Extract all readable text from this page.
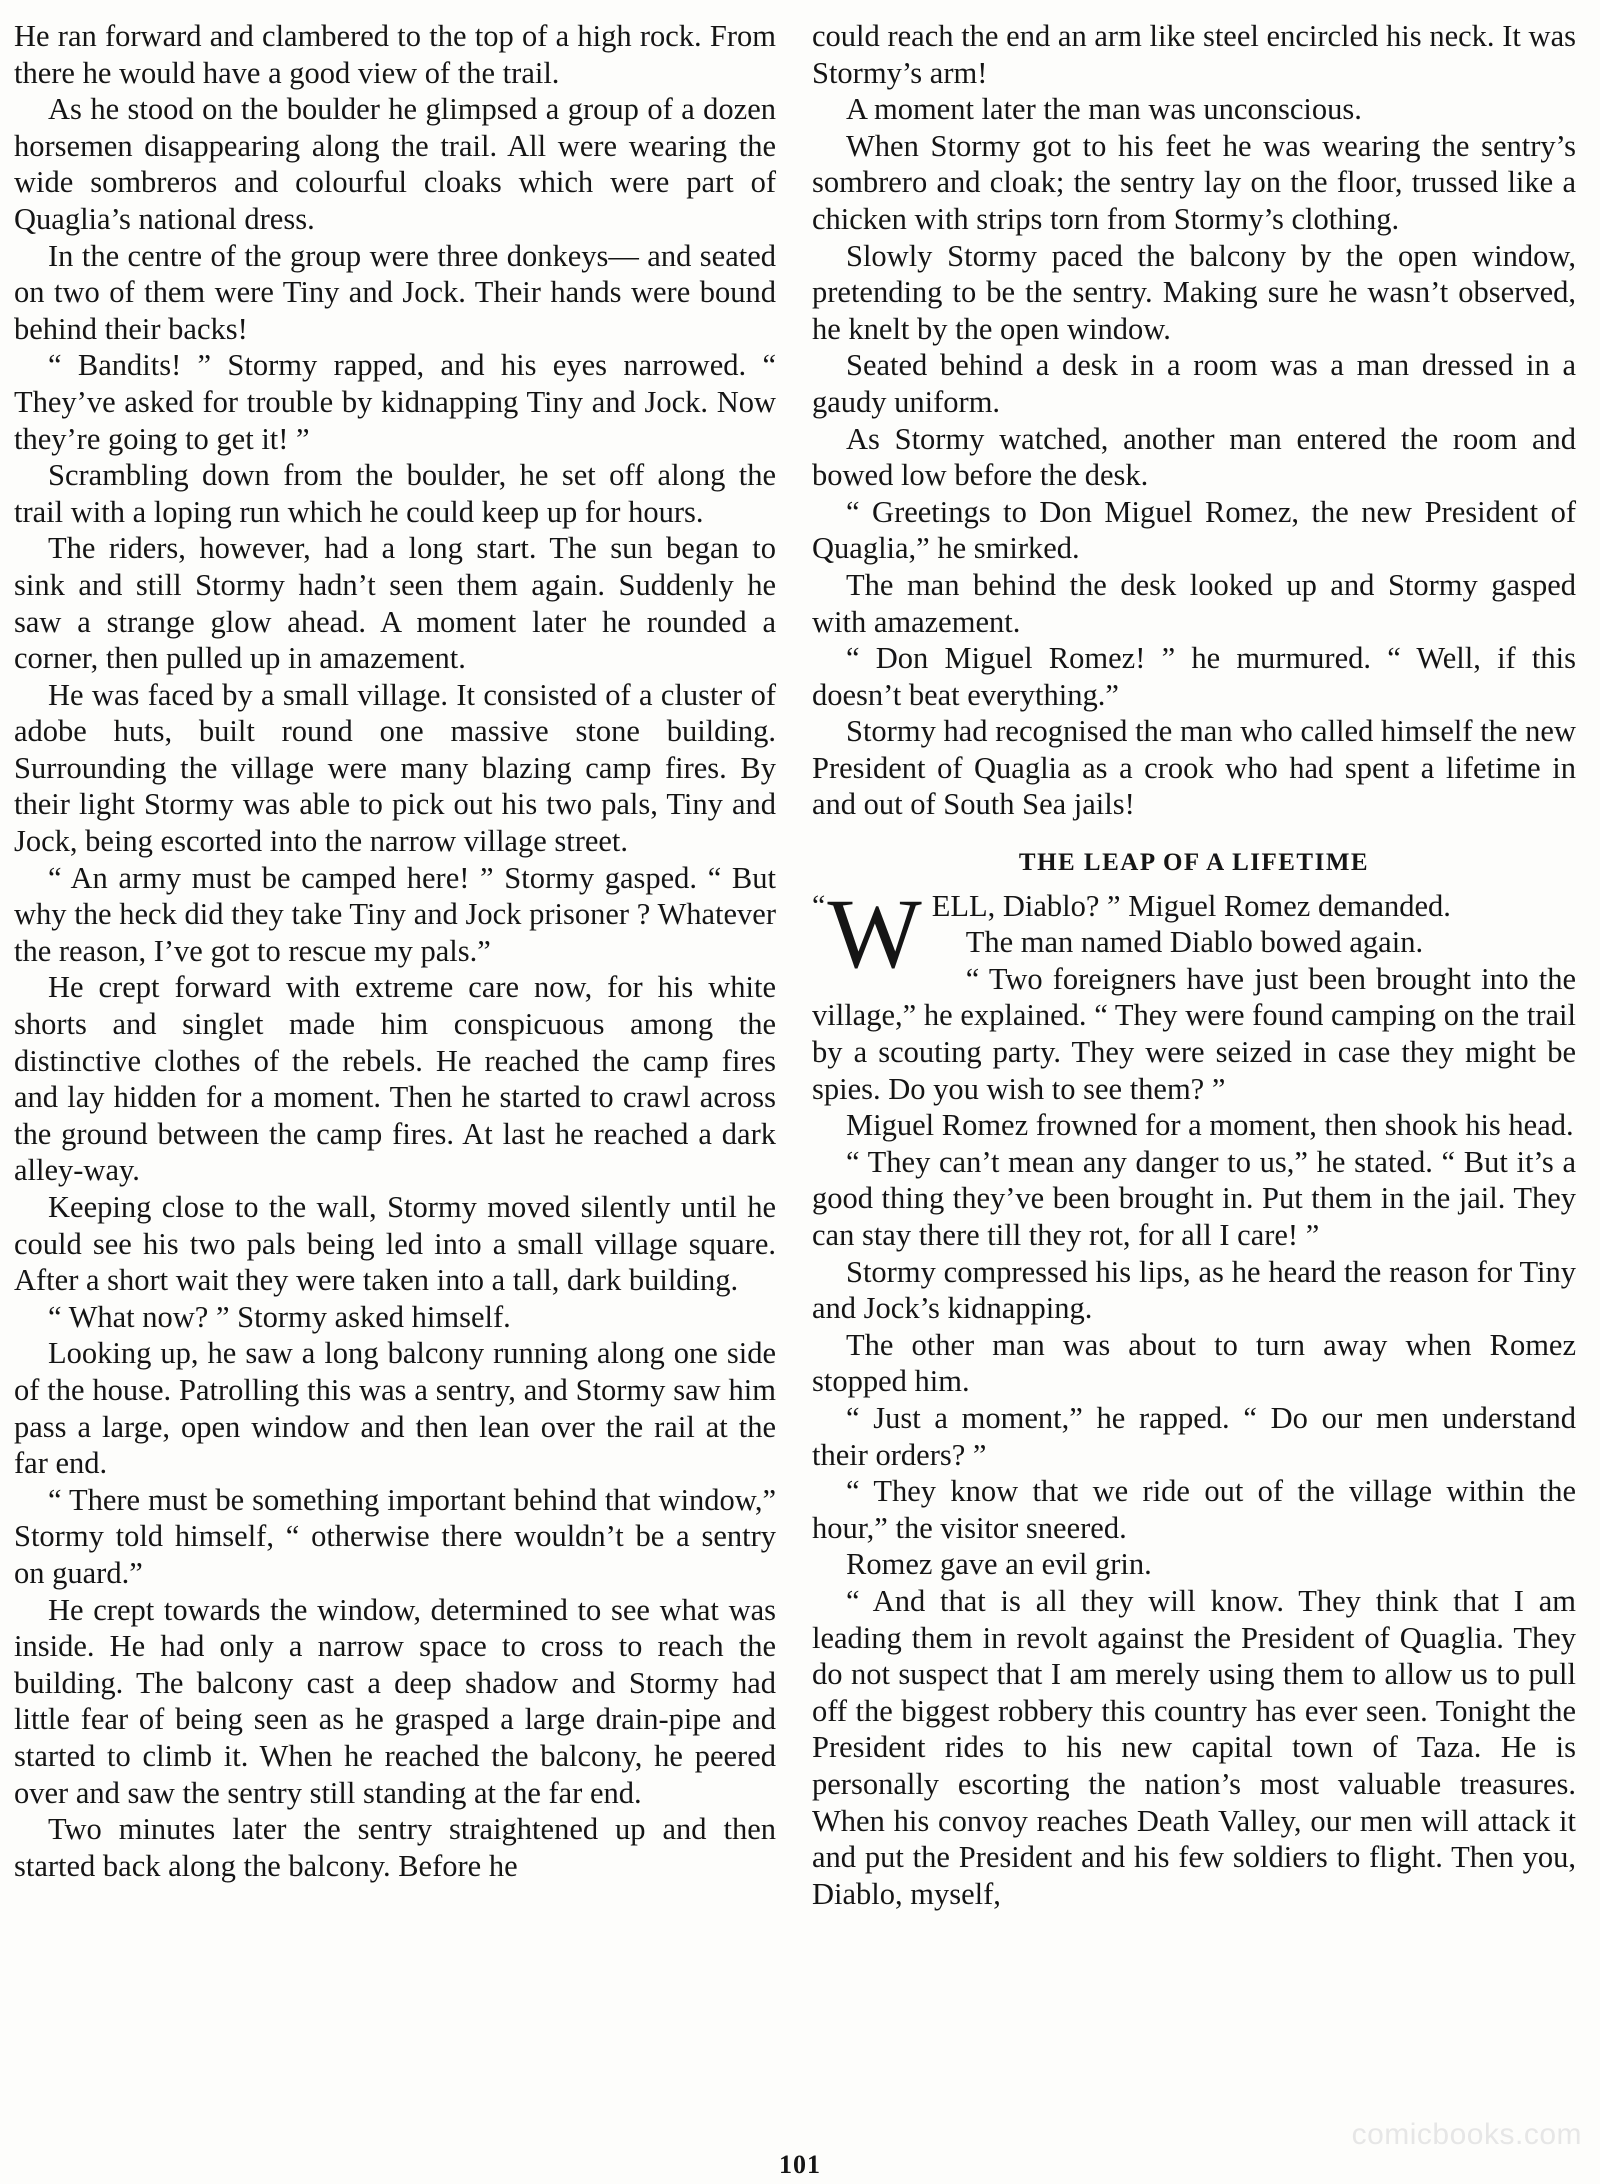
He ran forward and clambered to the top of a high rock. From there he would have a good view of the trail.

As he stood on the boulder he glimpsed a group of a dozen horsemen disappearing along the trail. All were wearing the wide sombreros and colourful cloaks which were part of Quaglia’s national dress.

In the centre of the group were three donkeys— and seated on two of them were Tiny and Jock. Their hands were bound behind their backs!

“ Bandits! ” Stormy rapped, and his eyes narrowed. “ They’ve asked for trouble by kidnapping Tiny and Jock. Now they’re going to get it! ”

Scrambling down from the boulder, he set off along the trail with a loping run which he could keep up for hours.

The riders, however, had a long start. The sun began to sink and still Stormy hadn’t seen them again. Suddenly he saw a strange glow ahead. A moment later he rounded a corner, then pulled up in amazement.

He was faced by a small village. It consisted of a cluster of adobe huts, built round one massive stone building. Surrounding the village were many blazing camp fires. By their light Stormy was able to pick out his two pals, Tiny and Jock, being escorted into the narrow village street.

“ An army must be camped here! ” Stormy gasped. “ But why the heck did they take Tiny and Jock prisoner ? Whatever the reason, I’ve got to rescue my pals.”

He crept forward with extreme care now, for his white shorts and singlet made him conspicuous among the distinctive clothes of the rebels. He reached the camp fires and lay hidden for a moment. Then he started to crawl across the ground between the camp fires. At last he reached a dark alley-way.

Keeping close to the wall, Stormy moved silently until he could see his two pals being led into a small village square. After a short wait they were taken into a tall, dark building.

“ What now? ” Stormy asked himself.

Looking up, he saw a long balcony running along one side of the house. Patrolling this was a sentry, and Stormy saw him pass a large, open window and then lean over the rail at the far end.

“ There must be something important behind that window,” Stormy told himself, “ otherwise there wouldn’t be a sentry on guard.”

He crept towards the window, determined to see what was inside. He had only a narrow space to cross to reach the building. The balcony cast a deep shadow and Stormy had little fear of being seen as he grasped a large drain-pipe and started to climb it. When he reached the balcony, he peered over and saw the sentry still standing at the far end.

Two minutes later the sentry straightened up and then started back along the balcony. Before he

could reach the end an arm like steel encircled his neck. It was Stormy’s arm!

A moment later the man was unconscious.

When Stormy got to his feet he was wearing the sentry’s sombrero and cloak; the sentry lay on the floor, trussed like a chicken with strips torn from Stormy’s clothing.

Slowly Stormy paced the balcony by the open window, pretending to be the sentry. Making sure he wasn’t observed, he knelt by the open window.

Seated behind a desk in a room was a man dressed in a gaudy uniform.

As Stormy watched, another man entered the room and bowed low before the desk.

“ Greetings to Don Miguel Romez, the new President of Quaglia,” he smirked.

The man behind the desk looked up and Stormy gasped with amazement.

“ Don Miguel Romez! ” he murmured. “ Well, if this doesn’t beat everything.”

Stormy had recognised the man who called himself the new President of Quaglia as a crook who had spent a lifetime in and out of South Sea jails!

THE LEAP OF A LIFETIME

“ W ELL, Diablo? ” Miguel Romez demanded.

The man named Diablo bowed again.

“ Two foreigners have just been brought into the village,” he explained. “ They were found camping on the trail by a scouting party. They were seized in case they might be spies. Do you wish to see them? ”

Miguel Romez frowned for a moment, then shook his head.

“ They can’t mean any danger to us,” he stated. “ But it’s a good thing they’ve been brought in. Put them in the jail. They can stay there till they rot, for all I care! ”

Stormy compressed his lips, as he heard the reason for Tiny and Jock’s kidnapping.

The other man was about to turn away when Romez stopped him.

“ Just a moment,” he rapped. “ Do our men understand their orders? ”

“ They know that we ride out of the village within the hour,” the visitor sneered.

Romez gave an evil grin.

“ And that is all they will know. They think that I am leading them in revolt against the President of Quaglia. They do not suspect that I am merely using them to allow us to pull off the biggest robbery this country has ever seen. Tonight the President rides to his new capital town of Taza. He is personally escorting the nation’s most valuable treasures. When his convoy reaches Death Valley, our men will attack it and put the President and his few soldiers to flight. Then you, Diablo, myself,

101
comicbooks.com
